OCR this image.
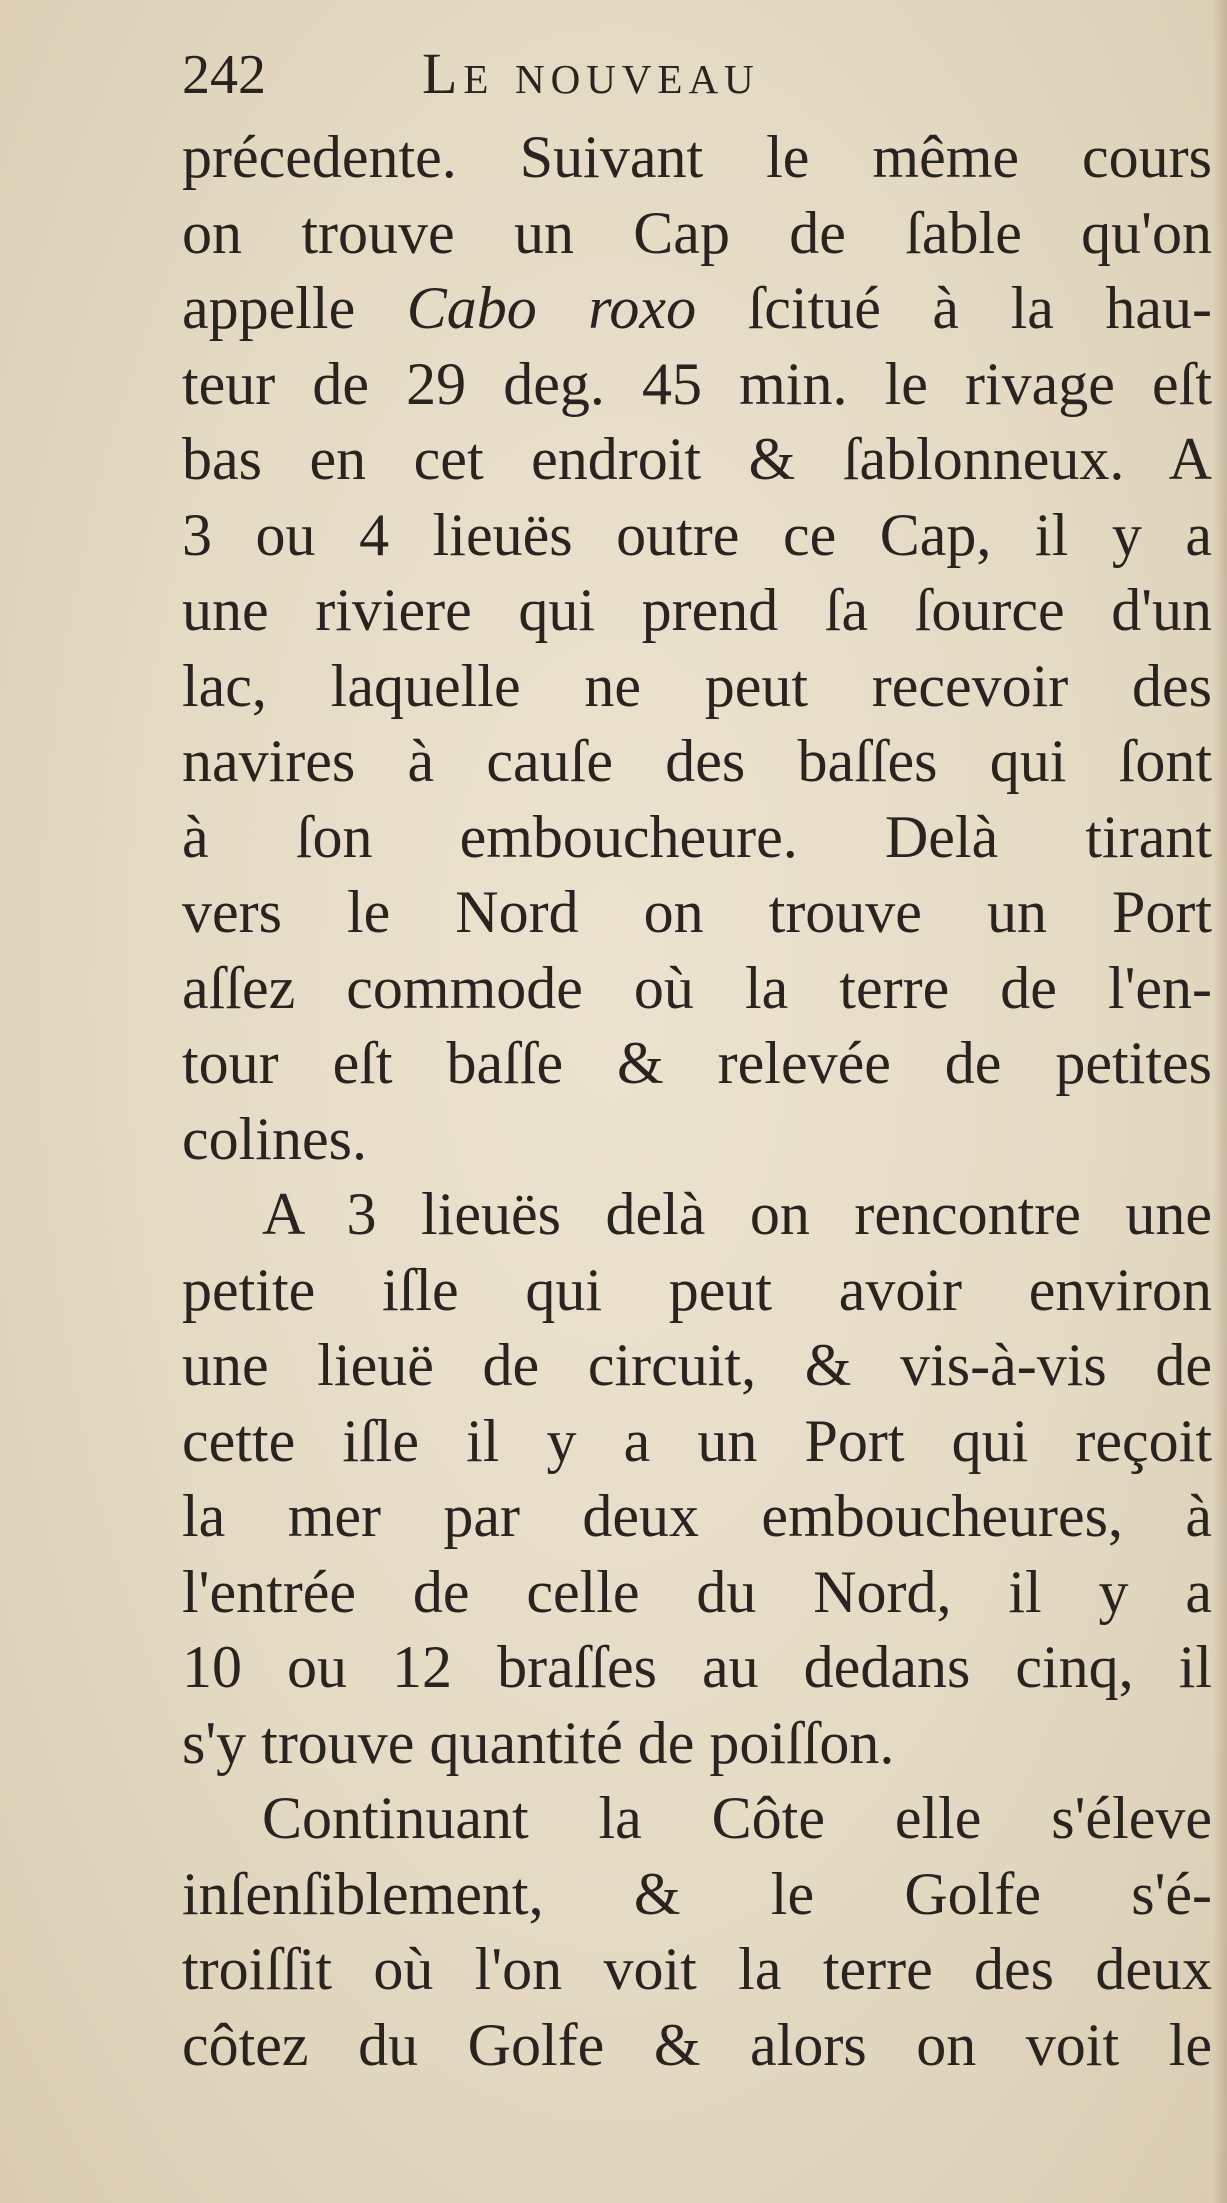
242	Le nouveau
précedente. Suivant le même cours
on trouve un Cap de ſable qu'on
appelle Cabo roxo ſcitué à la hau-
teur de 29 deg. 45 min. le rivage eſt
bas en cet endroit & ſablonneux. A
3 ou 4 lieuës outre ce Cap, il y a
une riviere qui prend ſa ſource d'un
lac, laquelle ne peut recevoir des
navires à cauſe des baſſes qui ſont
à ſon emboucheure. Delà tirant
vers le Nord on trouve un Port
aſſez commode où la terre de l'en-
tour eſt baſſe & relevée de petites
colines.
A 3 lieuës delà on rencontre une
petite iſle qui peut avoir environ
une lieuë de circuit, & vis-à-vis de
cette iſle il y a un Port qui reçoit
la mer par deux emboucheures, à
l'entrée de celle du Nord, il y a
10 ou 12 braſſes au dedans cinq, il
s'y trouve quantité de poiſſon.
Continuant la Côte elle s'éleve
inſenſiblement, & le Golfe s'é-
troiſſit où l'on voit la terre des deux
côtez du Golfe & alors on voit le
